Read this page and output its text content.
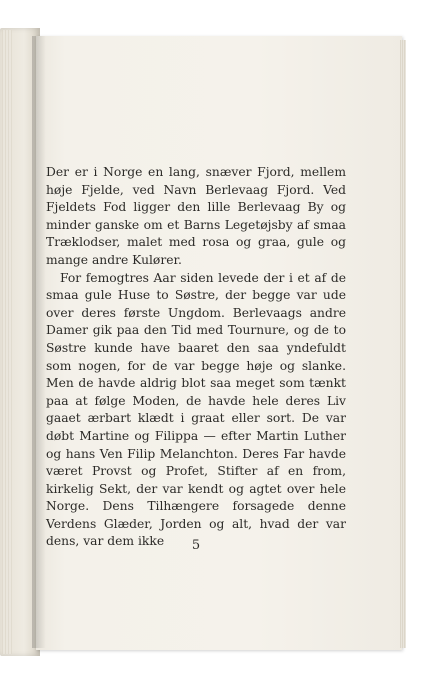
Der er i Norge en lang, snæver Fjord, mellem høje Fjelde, ved Navn Berlevaag Fjord. Ved Fjeldets Fod ligger den lille Berlevaag By og minder ganske om et Barns Legetøjsby af smaa Træklodser, malet med rosa og graa, gule og mange andre Kulører.

For femogtres Aar siden levede der i et af de smaa gule Huse to Søstre, der begge var ude over deres første Ungdom. Berlevaags andre Damer gik paa den Tid med Tournure, og de to Søstre kunde have baaret den saa yndefuldt som nogen, for de var begge høje og slanke. Men de havde aldrig blot saa meget som tænkt paa at følge Moden, de havde hele deres Liv gaaet ærbart klædt i graat eller sort. De var døbt Martine og Filippa — efter Martin Luther og hans Ven Filip Melanchton. Deres Far havde været Provst og Profet, Stifter af en from, kirkelig Sekt, der var kendt og agtet over hele Norge. Dens Tilhængere forsagede denne Verdens Glæder, Jorden og alt, hvad der var dens, var dem ikke	5
